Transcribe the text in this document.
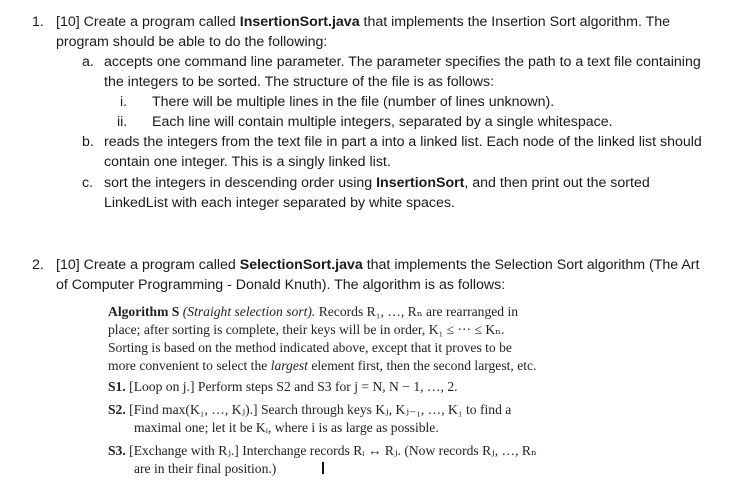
1. [10] Create a program called InsertionSort.java that implements the Insertion Sort algorithm. The
program should be able to do the following:
a. accepts one command line parameter. The parameter specifies the path to a text file containing
the integers to be sorted. The structure of the file is as follows:
i. There will be multiple lines in the file (number of lines unknown).
ii. Each line will contain multiple integers, separated by a single whitespace.
b. reads the integers from the text file in part a into a linked list. Each node of the linked list should
contain one integer. This is a singly linked list.
c. sort the integers in descending order using InsertionSort, and then print out the sorted
LinkedList with each integer separated by white spaces.
2. [10] Create a program called SelectionSort.java that implements the Selection Sort algorithm (The Art
of Computer Programming - Donald Knuth). The algorithm is as follows:
Algorithm S (Straight selection sort). Records R₁, …, Rₙ are rearranged in
place; after sorting is complete, their keys will be in order, K₁ ≤ ··· ≤ Kₙ.
Sorting is based on the method indicated above, except that it proves to be
more convenient to select the largest element first, then the second largest, etc.
S1. [Loop on j.] Perform steps S2 and S3 for j = N, N − 1, …, 2.
S2. [Find max(K₁, …, Kⱼ).] Search through keys Kⱼ, Kⱼ₋₁, …, K₁ to find a
maximal one; let it be Kᵢ, where i is as large as possible.
S3. [Exchange with Rⱼ.] Interchange records Rᵢ ↔ Rⱼ. (Now records Rⱼ, …, Rₙ
are in their final position.)
